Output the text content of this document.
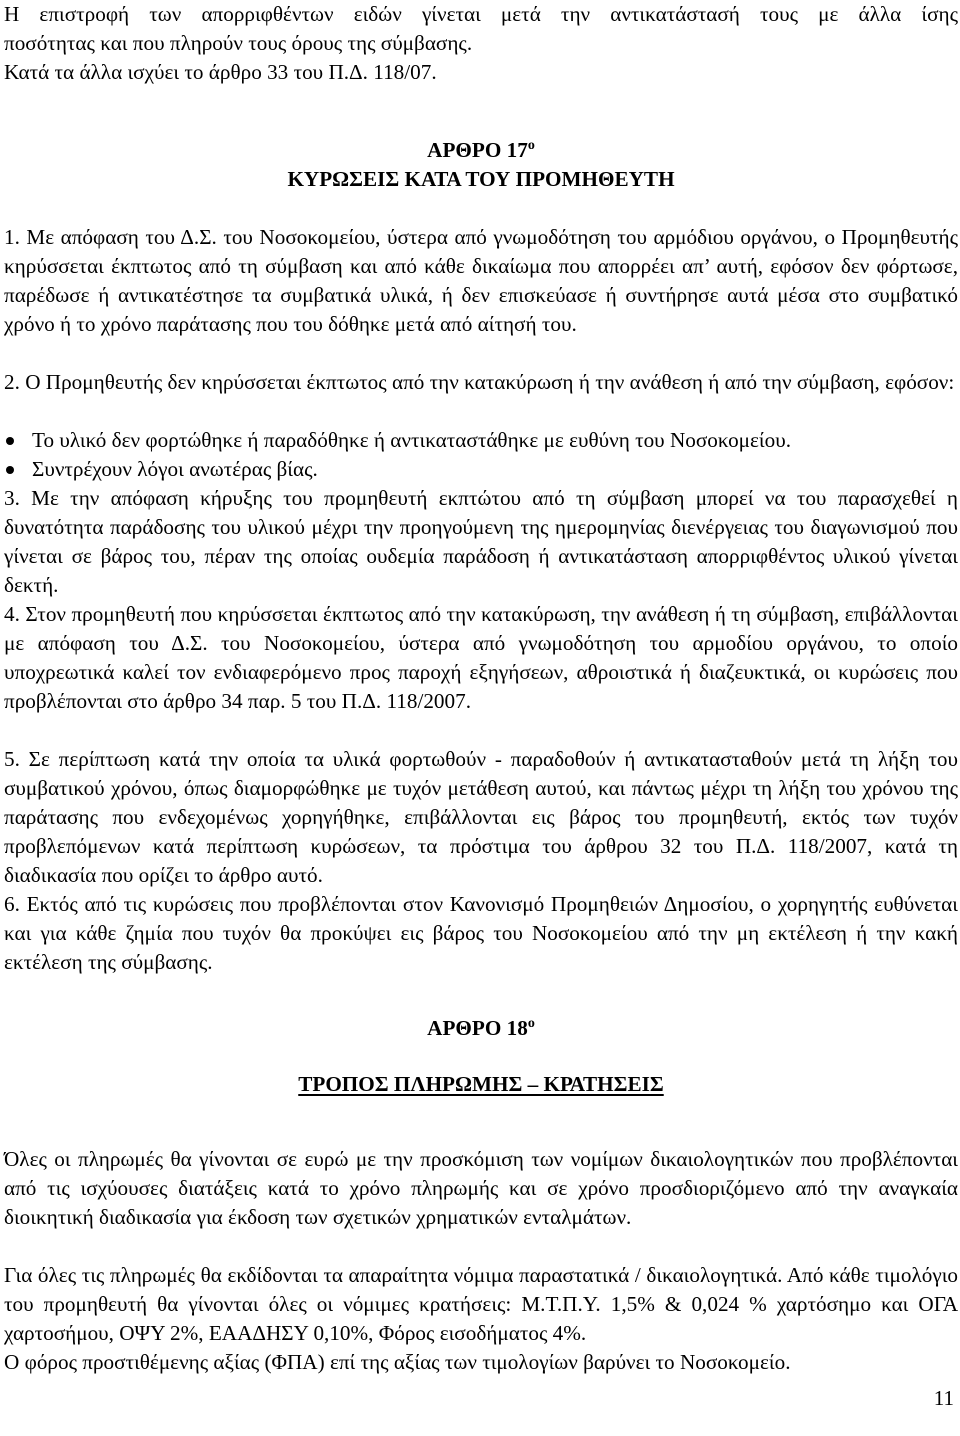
Η επιστροφή των απορριφθέντων ειδών γίνεται μετά την αντικατάστασή τους με άλλα ίσης

ποσότητας και που πληρούν τους όρους της σύμβασης.

Κατά τα άλλα ισχύει το άρθρο 33 του Π.Δ. 118/07.

ΑΡΘΡΟ $17^o$
ΚΥΡΩΣΕΙΣ ΚΑΤΑ ΤΟΥ ΠΡΟΜΗΘΕΥΤΗ

1. Με απόφαση του Δ.Σ. του Νοσοκομείου, ύστερα από γνωμοδότηση του αρμόδιου οργάνου, ο Προμηθευτής κηρύσσεται έκπτωτος από τη σύμβαση και από κάθε δικαίωμα που απορρέει απ’ αυτή, εφόσον δεν φόρτωσε, παρέδωσε ή αντικατέστησε τα συμβατικά υλικά, ή δεν επισκεύασε ή συντήρησε αυτά μέσα στο συμβατικό χρόνο ή το χρόνο παράτασης που του δόθηκε μετά από αίτησή του.

2. Ο Προμηθευτής δεν κηρύσσεται έκπτωτος από την κατακύρωση ή την ανάθεση ή από την σύμβαση, εφόσον:

Το υλικό δεν φορτώθηκε ή παραδόθηκε ή αντικαταστάθηκε με ευθύνη του Νοσοκομείου.
Συντρέχουν λόγοι ανωτέρας βίας.

3. Με την απόφαση κήρυξης του προμηθευτή εκπτώτου από τη σύμβαση μπορεί να του παρασχεθεί η δυνατότητα παράδοσης του υλικού μέχρι την προηγούμενη της ημερομηνίας διενέργειας του διαγωνισμού που γίνεται σε βάρος του, πέραν της οποίας ουδεμία παράδοση ή αντικατάσταση απορριφθέντος υλικού γίνεται δεκτή.

4. Στον προμηθευτή που κηρύσσεται έκπτωτος από την κατακύρωση, την ανάθεση ή τη σύμβαση, επιβάλλονται με απόφαση του Δ.Σ. του Νοσοκομείου, ύστερα από γνωμοδότηση του αρμοδίου οργάνου, το οποίο υποχρεωτικά καλεί τον ενδιαφερόμενο προς παροχή εξηγήσεων, αθροιστικά ή διαζευκτικά, οι κυρώσεις που προβλέπονται στο άρθρο 34 παρ. 5 του Π.Δ. 118/2007.

5. Σε περίπτωση κατά την οποία τα υλικά φορτωθούν - παραδοθούν ή αντικατασταθούν μετά τη λήξη του συμβατικού χρόνου, όπως διαμορφώθηκε με τυχόν μετάθεση αυτού, και πάντως μέχρι τη λήξη του χρόνου της παράτασης που ενδεχομένως χορηγήθηκε, επιβάλλονται εις βάρος του προμηθευτή, εκτός των τυχόν προβλεπόμενων κατά περίπτωση κυρώσεων, τα πρόστιμα του άρθρου 32 του Π.Δ. 118/2007, κατά τη διαδικασία που ορίζει το άρθρο αυτό.

6. Εκτός από τις κυρώσεις που προβλέπονται στον Κανονισμό Προμηθειών Δημοσίου, ο χορηγητής ευθύνεται και για κάθε ζημία που τυχόν θα προκύψει εις βάρος του Νοσοκομείου από την μη εκτέλεση ή την κακή εκτέλεση της σύμβασης.

ΑΡΘΡΟ $18^o$
ΤΡΟΠΟΣ ΠΛΗΡΩΜΗΣ – ΚΡΑΤΗΣΕΙΣ

Όλες οι πληρωμές θα γίνονται σε ευρώ με την προσκόμιση των νομίμων δικαιολογητικών που προβλέπονται από τις ισχύουσες διατάξεις κατά το χρόνο πληρωμής και σε χρόνο προσδιοριζόμενο από την αναγκαία διοικητική διαδικασία για έκδοση των σχετικών χρηματικών ενταλμάτων.

Για όλες τις πληρωμές θα εκδίδονται τα απαραίτητα νόμιμα παραστατικά / δικαιολογητικά. Από κάθε τιμολόγιο του προμηθευτή θα γίνονται όλες οι νόμιμες κρατήσεις: Μ.Τ.Π.Υ. 1,5% & 0,024 % χαρτόσημο και ΟΓΑ χαρτοσήμου, ΟΨΥ 2%, ΕΑΑΔΗΣΥ 0,10%, Φόρος εισοδήματος 4%.

Ο φόρος προστιθέμενης αξίας (ΦΠΑ) επί της αξίας των τιμολογίων βαρύνει το Νοσοκομείο.

11
